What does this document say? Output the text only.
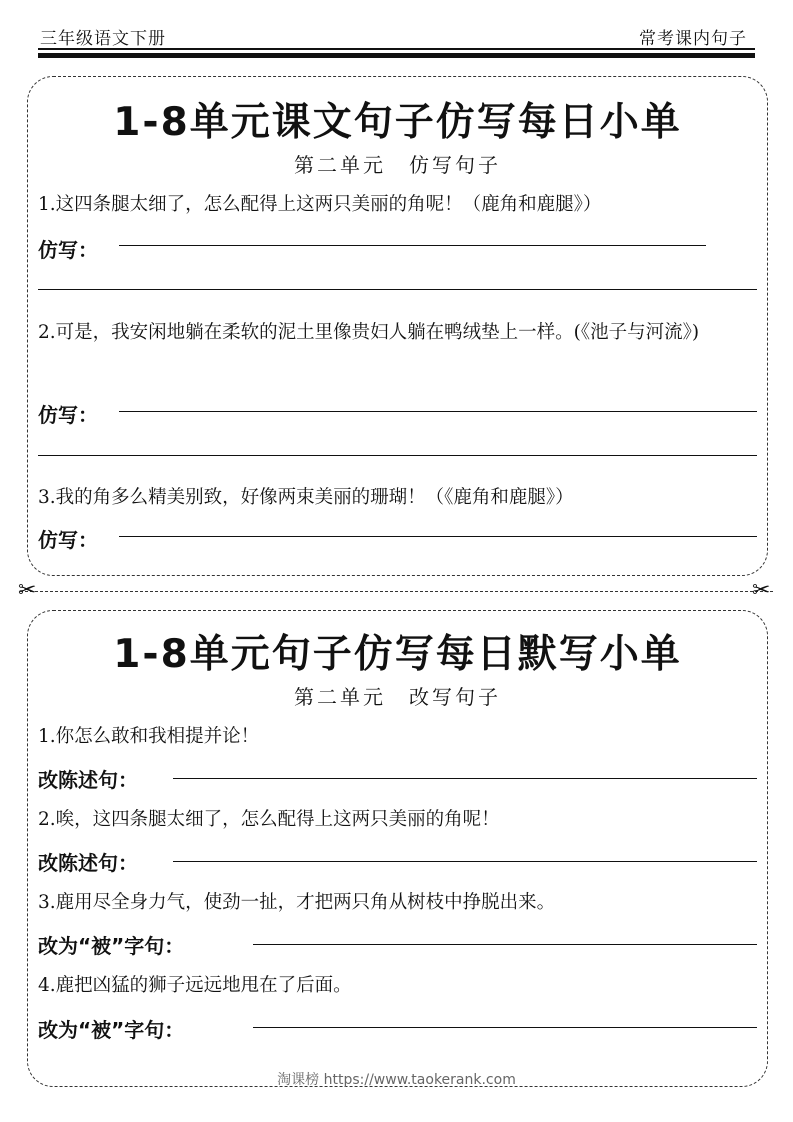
三年级语文下册	常考课内句子
1-8单元课文句子仿写每日小单
第二单元　仿写句子
1.这四条腿太细了，怎么配得上这两只美丽的角呢！（鹿角和鹿腿》）
仿写：
2.可是，我安闲地躺在柔软的泥土里像贵妇人躺在鸭绒垫上一样。(《池子与河流》)
仿写：
3.我的角多么精美别致，好像两束美丽的珊瑚！（《鹿角和鹿腿》）
仿写：
✂	✂
1-8单元句子仿写每日默写小单
第二单元　改写句子
1.你怎么敢和我相提并论！
改陈述句：
2.唉，这四条腿太细了，怎么配得上这两只美丽的角呢！
改陈述句：
3.鹿用尽全身力气，使劲一扯，才把两只角从树枝中挣脱出来。
改为“被”字句：
4.鹿把凶猛的狮子远远地甩在了后面。
改为“被”字句：
淘课榜 https://www.taokerank.com
